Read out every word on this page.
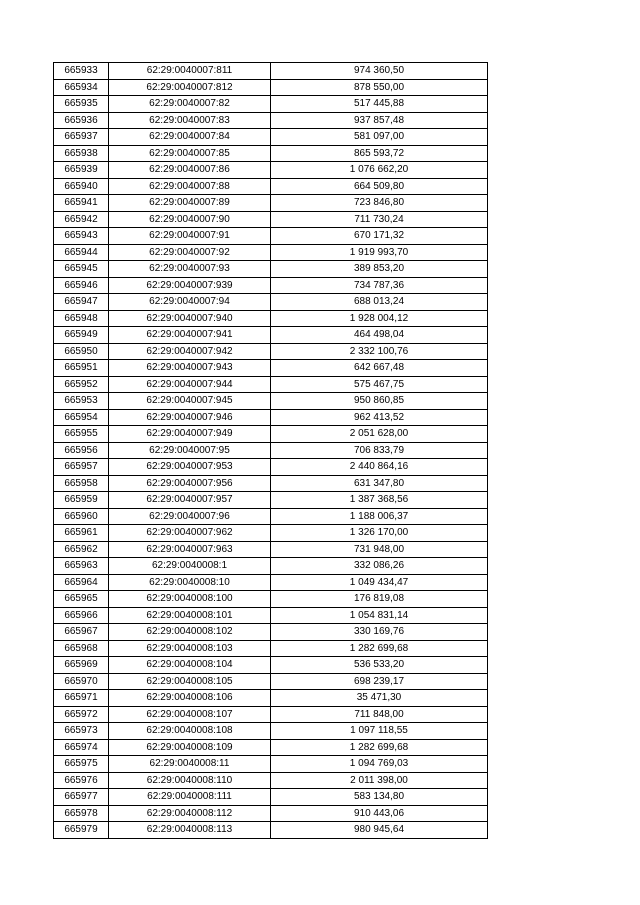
665933	62:29:0040007:811	974 360,50
665934	62:29:0040007:812	878 550,00
665935	62:29:0040007:82	517 445,88
665936	62:29:0040007:83	937 857,48
665937	62:29:0040007:84	581 097,00
665938	62:29:0040007:85	865 593,72
665939	62:29:0040007:86	1 076 662,20
665940	62:29:0040007:88	664 509,80
665941	62:29:0040007:89	723 846,80
665942	62:29:0040007:90	711 730,24
665943	62:29:0040007:91	670 171,32
665944	62:29:0040007:92	1 919 993,70
665945	62:29:0040007:93	389 853,20
665946	62:29:0040007:939	734 787,36
665947	62:29:0040007:94	688 013,24
665948	62:29:0040007:940	1 928 004,12
665949	62:29:0040007:941	464 498,04
665950	62:29:0040007:942	2 332 100,76
665951	62:29:0040007:943	642 667,48
665952	62:29:0040007:944	575 467,75
665953	62:29:0040007:945	950 860,85
665954	62:29:0040007:946	962 413,52
665955	62:29:0040007:949	2 051 628,00
665956	62:29:0040007:95	706 833,79
665957	62:29:0040007:953	2 440 864,16
665958	62:29:0040007:956	631 347,80
665959	62:29:0040007:957	1 387 368,56
665960	62:29:0040007:96	1 188 006,37
665961	62:29:0040007:962	1 326 170,00
665962	62:29:0040007:963	731 948,00
665963	62:29:0040008:1	332 086,26
665964	62:29:0040008:10	1 049 434,47
665965	62:29:0040008:100	176 819,08
665966	62:29:0040008:101	1 054 831,14
665967	62:29:0040008:102	330 169,76
665968	62:29:0040008:103	1 282 699,68
665969	62:29:0040008:104	536 533,20
665970	62:29:0040008:105	698 239,17
665971	62:29:0040008:106	35 471,30
665972	62:29:0040008:107	711 848,00
665973	62:29:0040008:108	1 097 118,55
665974	62:29:0040008:109	1 282 699,68
665975	62:29:0040008:11	1 094 769,03
665976	62:29:0040008:110	2 011 398,00
665977	62:29:0040008:111	583 134,80
665978	62:29:0040008:112	910 443,06
665979	62:29:0040008:113	980 945,64
